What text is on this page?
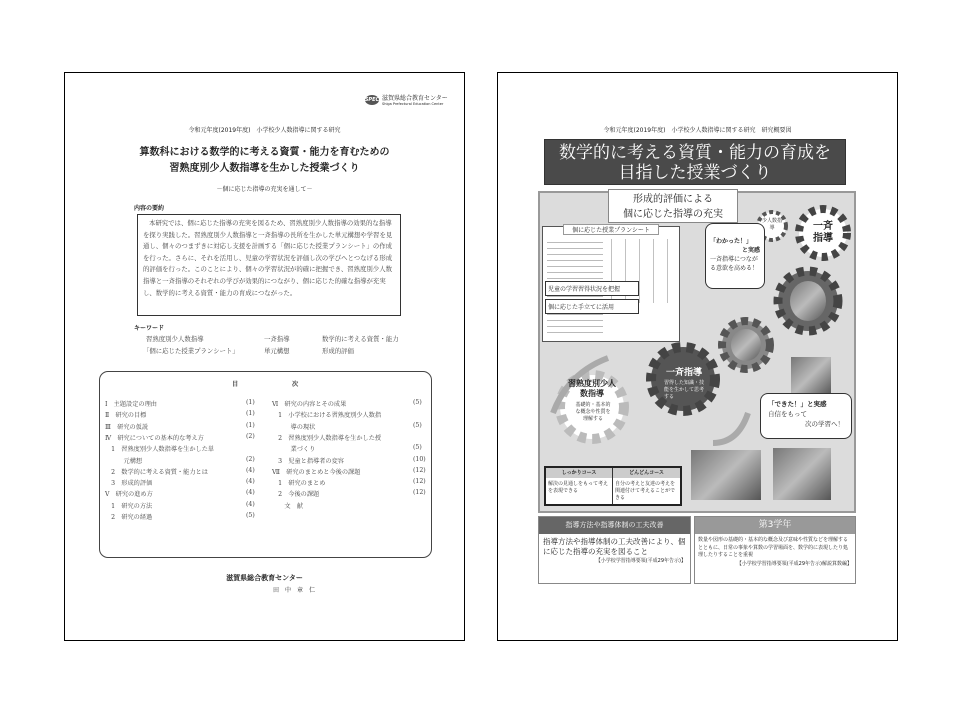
SPEC 滋賀県総合教育センター
Shiga Prefectural Education Center
令和元年度(2019年度)　小学校少人数指導に関する研究
算数科における数学的に考える資質・能力を育むための
習熟度別少人数指導を生かした授業づくり
－個に応じた指導の充実を通して－
内容の要約
本研究では、個に応じた指導の充実を図るため、習熟度別少人数指導の効果的な指導を探り実践した。習熟度別少人数指導と一斉指導の長所を生かした単元構想や学習を見通し、個々のつまずきに対応し支援を計画する「個に応じた授業プランシート」の作成を行った。さらに、それを活用し、児童の学習状況を評価し次の学びへとつなげる形成的評価を行った。このことにより、個々の学習状況が的確に把握でき、習熟度別少人数指導と一斉指導のそれぞれの学びが効果的につながり、個に応じた的確な指導が充実し、数学的に考える資質・能力の育成につながった。
キーワード
習熟度別少人数指導	一斉指導	数学的に考える資質・能力
「個に応じた授業プランシート」	単元構想	形成的評価
目	次
Ⅰ　主題設定の理由	(1)
Ⅱ　研究の目標	(1)
Ⅲ　研究の仮説	(1)
Ⅳ　研究についての基本的な考え方	(2)
　1　習熟度別少人数指導を生かした単
　　　元構想	(2)
　2　数学的に考える資質・能力とは	(4)
　3　形成的評価	(4)
Ⅴ　研究の進め方	(4)
　1　研究の方法	(4)
　2　研究の経過	(5)
Ⅵ　研究の内容とその成果	(5)
　1　小学校における習熟度別少人数指
　　　導の現状	(5)
　2　習熟度別少人数指導を生かした授
　　　業づくり	(5)
　3　児童と指導者の変容	(10)
Ⅶ　研究のまとめと今後の課題	(12)
　1　研究のまとめ	(12)
　2　今後の課題	(12)
　　文　献
滋賀県総合教育センター
田　中　章　仁
令和元年度(2019年度)　小学校少人数指導に関する研究　研究概要図
数学的に考える資質・能力の育成を
目指した授業づくり
形成的評価による
個に応じた指導の充実
個に応じた授業プランシート
児童の学習習得状況を把握
個に応じた手立てに活用
少人数指導	一斉指導
「わかった！」
と実感
一斉指導につながる意欲を高める！
「できた！」と実感
自信をもって
次の学習へ！
習熟度別少人数指導
基礎的・基本的な概念や性質を理解する
一斉指導
習得した知識・技能を生かして思考する
しっかりコース	どんどんコース
解決の見通しをもって考えを表現できる
自分の考えと友達の考えを関連付けて考えることができる
指導方法や指導体制の工夫改善
指導方法や指導体制の工夫改善により、個に応じた指導の充実を図ること
【小学校学習指導要領(平成29年告示)】
第3学年
数量や図形の基礎的・基本的な概念及び意味や性質などを理解するとともに、日常の事象や算数の学習場面を、数学的に表現したり処理したりすることを重視
【小学校学習指導要領(平成29年告示)解説算数編】
